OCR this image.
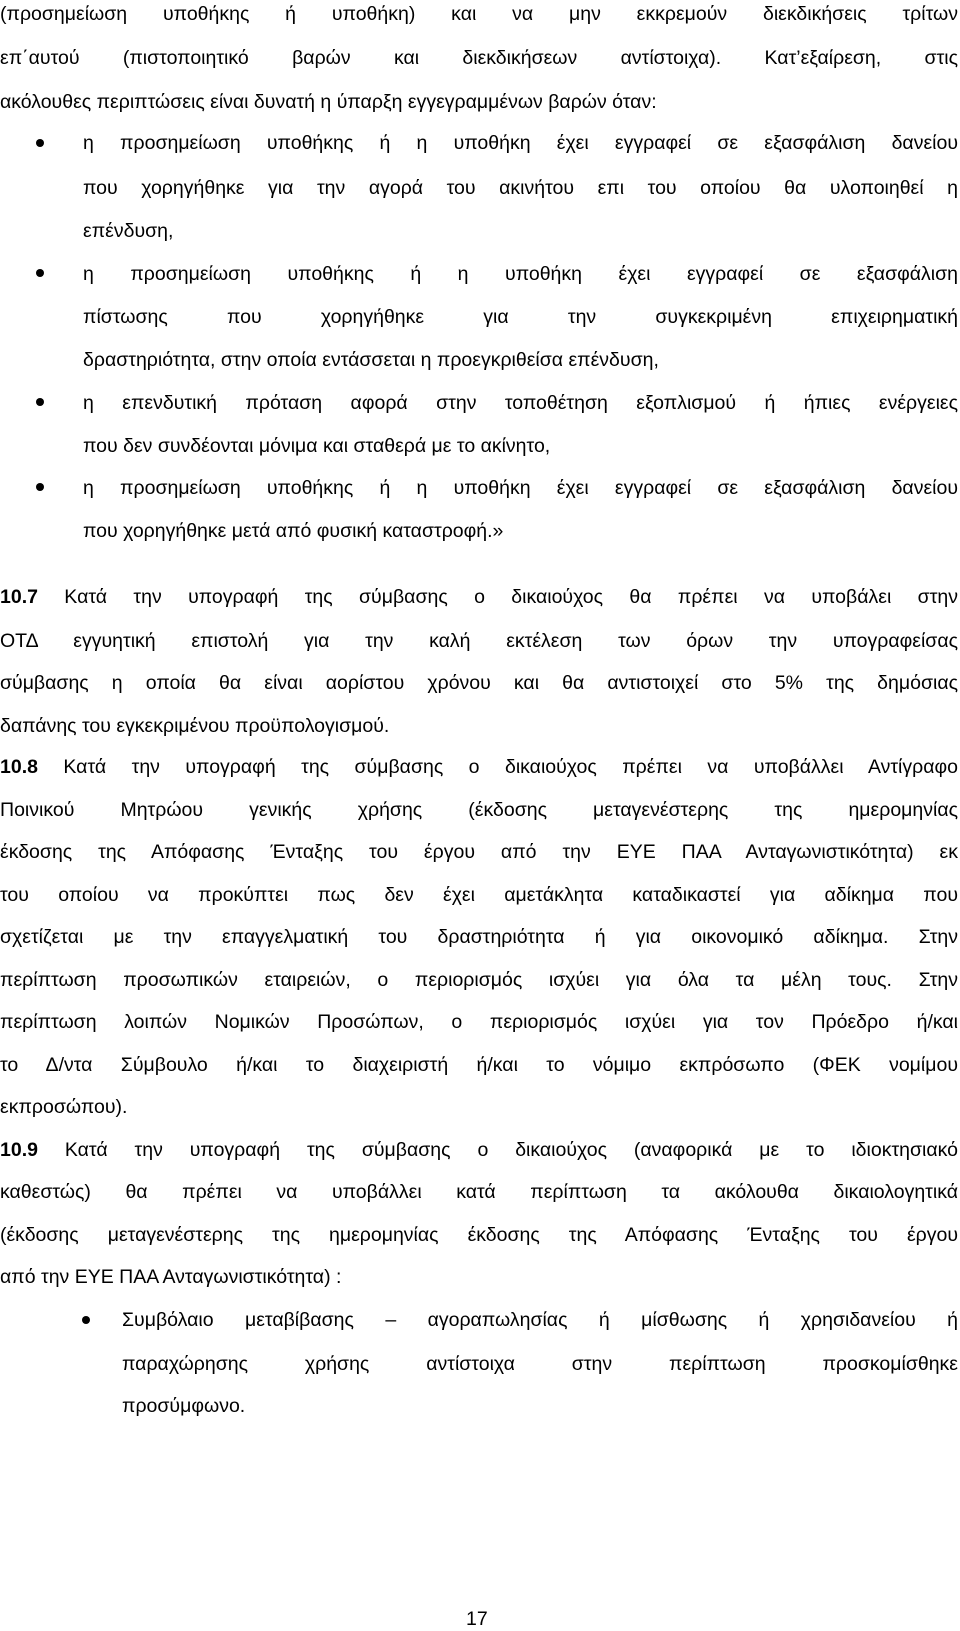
(προσημείωση υποθήκης ή υποθήκη) και να μην εκκρεμούν διεκδικήσεις τρίτων
επ΄αυτού (πιστοποιητικό βαρών και διεκδικήσεων αντίστοιχα). Κατ’εξαίρεση, στις
ακόλουθες περιπτώσεις είναι δυνατή η ύπαρξη εγγεγραμμένων βαρών όταν:
η προσημείωση υποθήκης ή η υποθήκη έχει εγγραφεί σε εξασφάλιση δανείου
που χορηγήθηκε για την αγορά του ακινήτου επι του οποίου θα υλοποιηθεί η
επένδυση,
η προσημείωση υποθήκης ή η υποθήκη έχει εγγραφεί σε εξασφάλιση
πίστωσης που χορηγήθηκε για την συγκεκριμένη επιχειρηματική
δραστηριότητα, στην οποία εντάσσεται η προεγκριθείσα επένδυση,
η επενδυτική πρόταση αφορά στην τοποθέτηση εξοπλισμού ή ήπιες ενέργειες
που δεν συνδέονται μόνιμα και σταθερά με το ακίνητο,
η προσημείωση υποθήκης ή η υποθήκη έχει εγγραφεί σε εξασφάλιση δανείου
που χορηγήθηκε μετά από φυσική καταστροφή.»
10.7 Κατά την υπογραφή της σύμβασης ο δικαιούχος θα πρέπει να υποβάλει στην
ΟΤΔ εγγυητική επιστολή για την καλή εκτέλεση των όρων την υπογραφείσας
σύμβασης η οποία θα είναι αορίστου χρόνου και θα αντιστοιχεί στο 5% της δημόσιας
δαπάνης του εγκεκριμένου προϋπολογισμού.
10.8 Κατά την υπογραφή της σύμβασης ο δικαιούχος πρέπει να υποβάλλει Αντίγραφο
Ποινικού Μητρώου γενικής χρήσης (έκδοσης μεταγενέστερης της ημερομηνίας
έκδοσης της Απόφασης Ένταξης του έργου από την ΕΥΕ ΠΑΑ Ανταγωνιστικότητα) εκ
του οποίου να προκύπτει πως δεν έχει αμετάκλητα καταδικαστεί για αδίκημα που
σχετίζεται με την επαγγελματική του δραστηριότητα ή για οικονομικό αδίκημα. Στην
περίπτωση προσωπικών εταιρειών, ο περιορισμός ισχύει για όλα τα μέλη τους. Στην
περίπτωση λοιπών Νομικών Προσώπων, ο περιορισμός ισχύει για τον Πρόεδρο ή/και
το Δ/ντα Σύμβουλο ή/και το διαχειριστή ή/και το νόμιμο εκπρόσωπο (ΦΕΚ νομίμου
εκπροσώπου).
10.9 Κατά την υπογραφή της σύμβασης ο δικαιούχος (αναφορικά με το ιδιοκτησιακό
καθεστώς) θα πρέπει να υποβάλλει κατά περίπτωση τα ακόλουθα δικαιολογητικά
(έκδοσης μεταγενέστερης της ημερομηνίας έκδοσης της Απόφασης Ένταξης του έργου
από την ΕΥΕ ΠΑΑ Ανταγωνιστικότητα) :
Συμβόλαιο μεταβίβασης – αγοραπωλησίας ή μίσθωσης ή χρησιδανείου ή
παραχώρησης χρήσης αντίστοιχα στην περίπτωση προσκομίσθηκε
προσύμφωνο.
17
